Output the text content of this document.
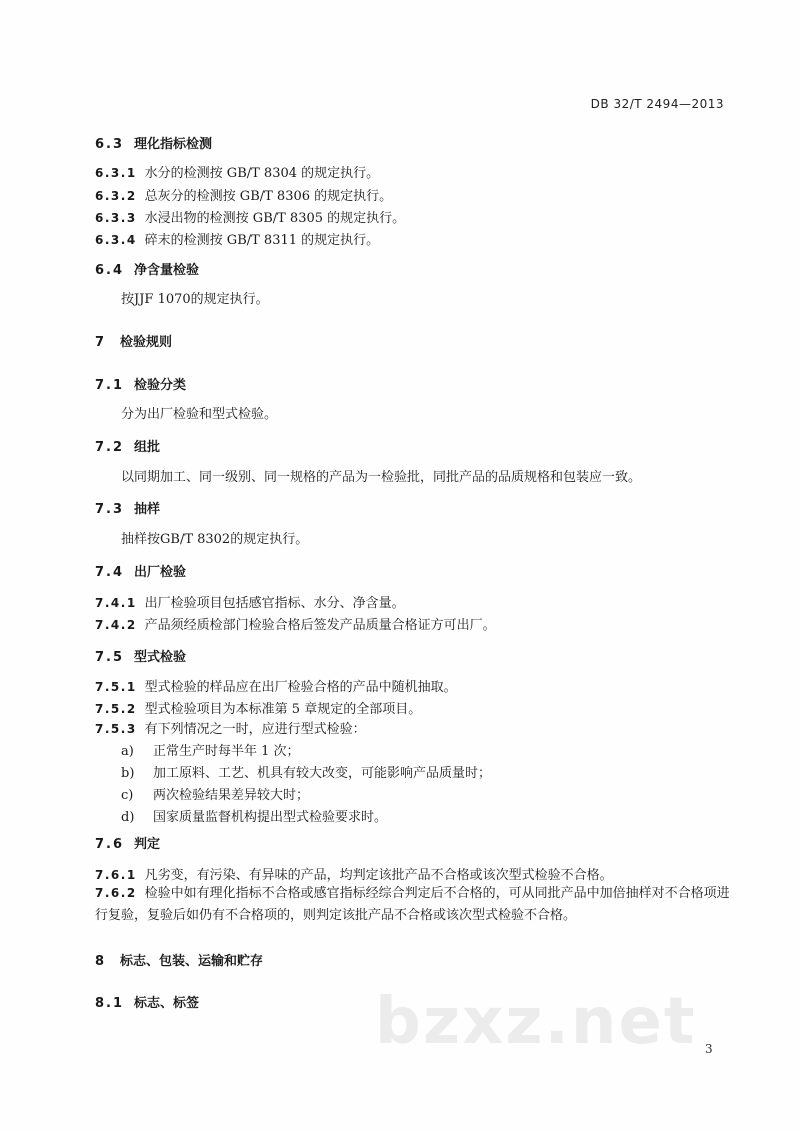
DB 32/T 2494—2013
6.3 理化指标检测
6.3.1 水分的检测按 GB/T 8304 的规定执行。
6.3.2 总灰分的检测按 GB/T 8306 的规定执行。
6.3.3 水浸出物的检测按 GB/T 8305 的规定执行。
6.3.4 碎末的检测按 GB/T 8311 的规定执行。
6.4 净含量检验
按JJF 1070的规定执行。
7 检验规则
7.1 检验分类
分为出厂检验和型式检验。
7.2 组批
以同期加工、同一级别、同一规格的产品为一检验批，同批产品的品质规格和包装应一致。
7.3 抽样
抽样按GB/T 8302的规定执行。
7.4 出厂检验
7.4.1 出厂检验项目包括感官指标、水分、净含量。
7.4.2 产品须经质检部门检验合格后签发产品质量合格证方可出厂。
7.5 型式检验
7.5.1 型式检验的样品应在出厂检验合格的产品中随机抽取。
7.5.2 型式检验项目为本标准第 5 章规定的全部项目。
7.5.3 有下列情况之一时，应进行型式检验：
a) 正常生产时每半年 1 次；
b) 加工原料、工艺、机具有较大改变，可能影响产品质量时；
c) 两次检验结果差异较大时；
d) 国家质量监督机构提出型式检验要求时。
7.6 判定
7.6.1 凡劣变，有污染、有异味的产品，均判定该批产品不合格或该次型式检验不合格。
7.6.2 检验中如有理化指标不合格或感官指标经综合判定后不合格的，可从同批产品中加倍抽样对不合格项进行复验，复验后如仍有不合格项的，则判定该批产品不合格或该次型式检验不合格。
8 标志、包装、运输和贮存
8.1 标志、标签	bzxz.net 3
